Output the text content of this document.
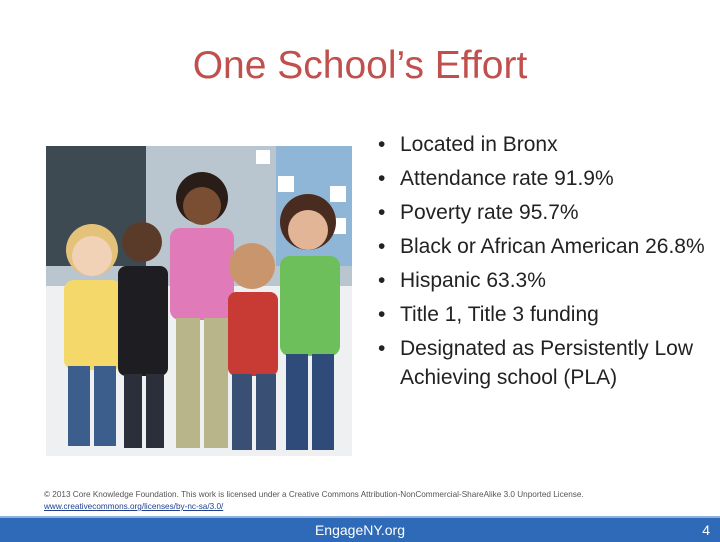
One School’s Effort
• Located in Bronx
• Attendance rate 91.9%
• Poverty rate 95.7%
• Black or African American 26.8%
• Hispanic 63.3%
• Title 1, Title 3 funding
• Designated as Persistently Low Achieving school (PLA)
© 2013 Core Knowledge Foundation. This work is licensed under a Creative Commons Attribution-NonCommercial-ShareAlike 3.0 Unported License.
www.creativecommons.org/licenses/by-nc-sa/3.0/
Engage​NY.org	4
